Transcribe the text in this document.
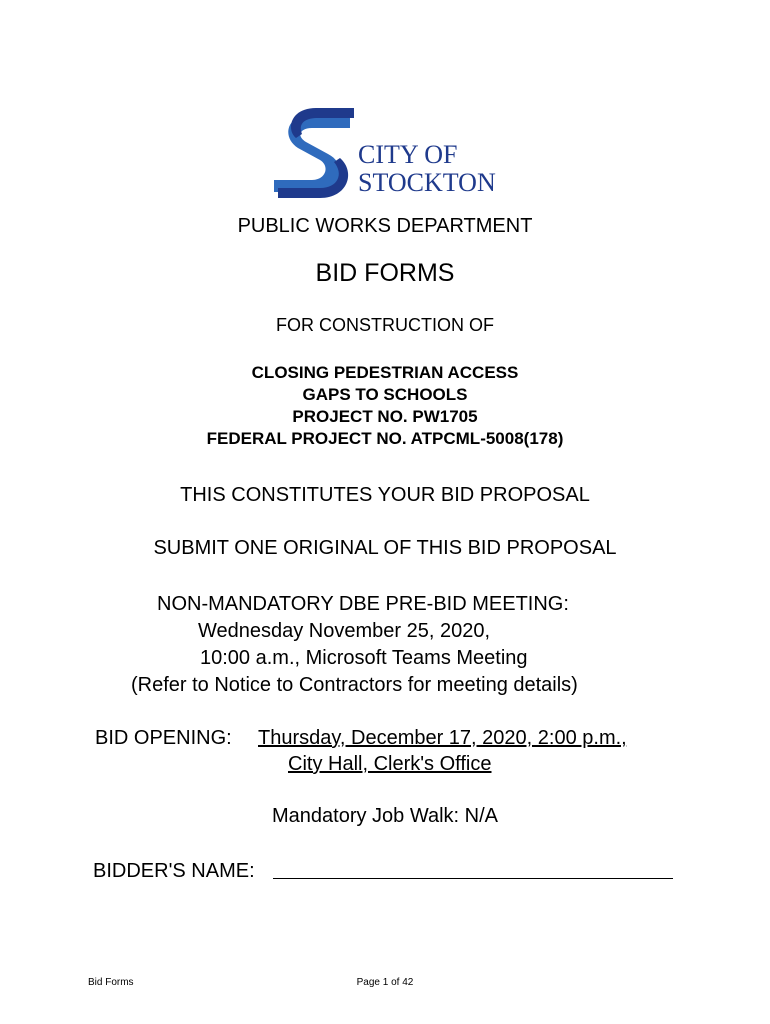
CITY OF
STOCKTON
PUBLIC WORKS DEPARTMENT
BID FORMS
FOR CONSTRUCTION OF
CLOSING PEDESTRIAN ACCESS
GAPS TO SCHOOLS
PROJECT NO. PW1705
FEDERAL PROJECT NO. ATPCML-5008(178)
THIS CONSTITUTES YOUR BID PROPOSAL
SUBMIT ONE ORIGINAL OF THIS BID PROPOSAL
NON-MANDATORY DBE PRE-BID MEETING:
Wednesday November 25, 2020,
10:00 a.m., Microsoft Teams Meeting
(Refer to Notice to Contractors for meeting details)
BID OPENING: Thursday, December 17, 2020, 2:00 p.m.,
City Hall, Clerk's Office
Mandatory Job Walk: N/A
BIDDER'S NAME:
Bid Forms	Page 1 of 42
